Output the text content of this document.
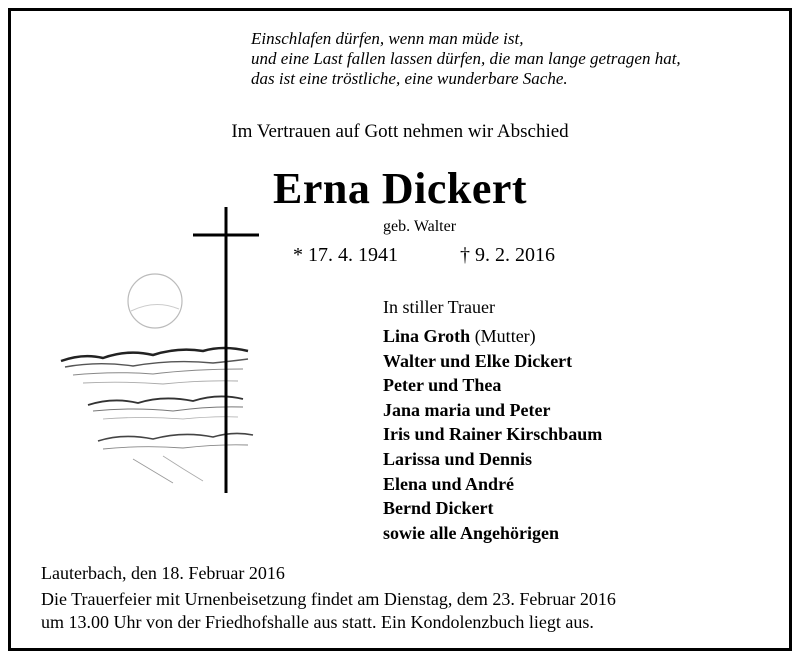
Einschlafen dürfen, wenn man müde ist,
und eine Last fallen lassen dürfen, die man lange getragen hat,
das ist eine tröstliche, eine wunderbare Sache.
Im Vertrauen auf Gott nehmen wir Abschied
Erna Dickert
geb. Walter
* 17. 4. 1941	† 9. 2. 2016
In stiller Trauer
Lina Groth (Mutter)
Walter und Elke Dickert
Peter und Thea
Jana maria und Peter
Iris und Rainer Kirschbaum
Larissa und Dennis
Elena und André
Bernd Dickert
sowie alle Angehörigen
Lauterbach, den 18. Februar 2016
Die Trauerfeier mit Urnenbeisetzung findet am Dienstag, dem 23. Februar 2016
um 13.00 Uhr von der Friedhofshalle aus statt. Ein Kondolenzbuch liegt aus.
